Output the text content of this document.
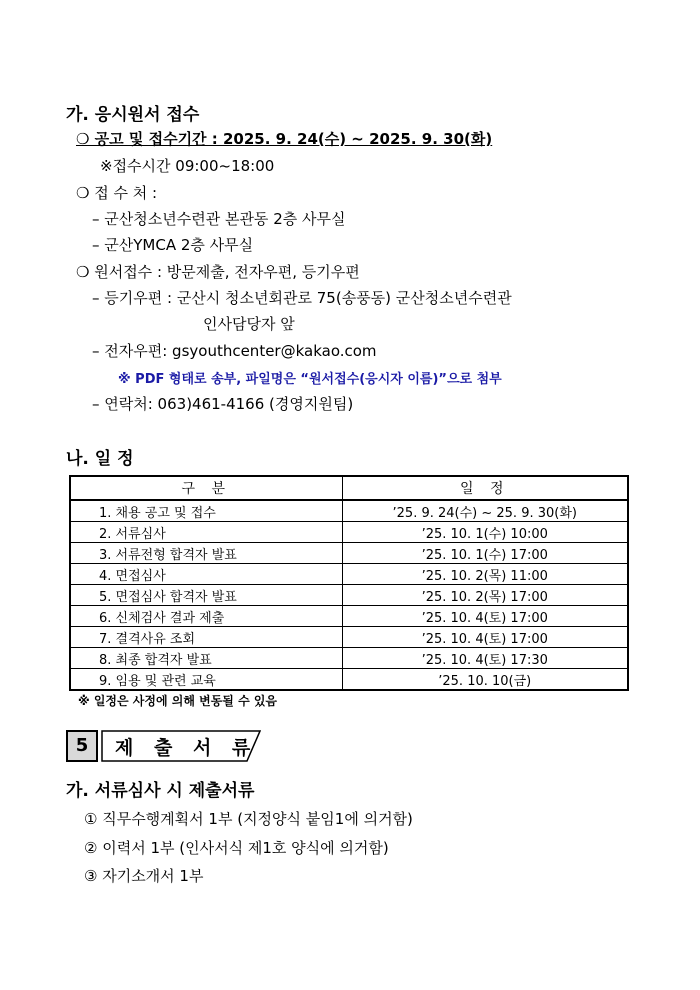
가. 응시원서 접수
❍ 공고 및 접수기간 : 2025. 9. 24(수) ~ 2025. 9. 30(화)
※접수시간 09:00~18:00
❍ 접 수 처 :
– 군산청소년수련관 본관동 2층 사무실
– 군산YMCA 2층 사무실
❍ 원서접수 : 방문제출, 전자우편, 등기우편
– 등기우편 : 군산시 청소년회관로 75(송풍동) 군산청소년수련관
인사담당자 앞
– 전자우편: gsyouthcenter@kakao.com
※ PDF 형태로 송부, 파일명은 “원서접수(응시자 이름)”으로 첨부
– 연락처: 063)461-4166 (경영지원팀)
나. 일 정
구 분	일 정
1. 채용 공고 및 접수	’25. 9. 24(수) ~ 25. 9. 30(화)
2. 서류심사	’25. 10. 1(수) 10:00
3. 서류전형 합격자 발표	’25. 10. 1(수) 17:00
4. 면접심사	’25. 10. 2(목) 11:00
5. 면접심사 합격자 발표	’25. 10. 2(목) 17:00
6. 신체검사 결과 제출	’25. 10. 4(토) 17:00
7. 결격사유 조회	’25. 10. 4(토) 17:00
8. 최종 합격자 발표	’25. 10. 4(토) 17:30
9. 임용 및 관련 교육	’25. 10. 10(금)
※ 일정은 사정에 의해 변동될 수 있음
5	제 출 서 류
가. 서류심사 시 제출서류
① 직무수행계획서 1부 (지정양식 붙임1에 의거함)
② 이력서 1부 (인사서식 제1호 양식에 의거함)
③ 자기소개서 1부
